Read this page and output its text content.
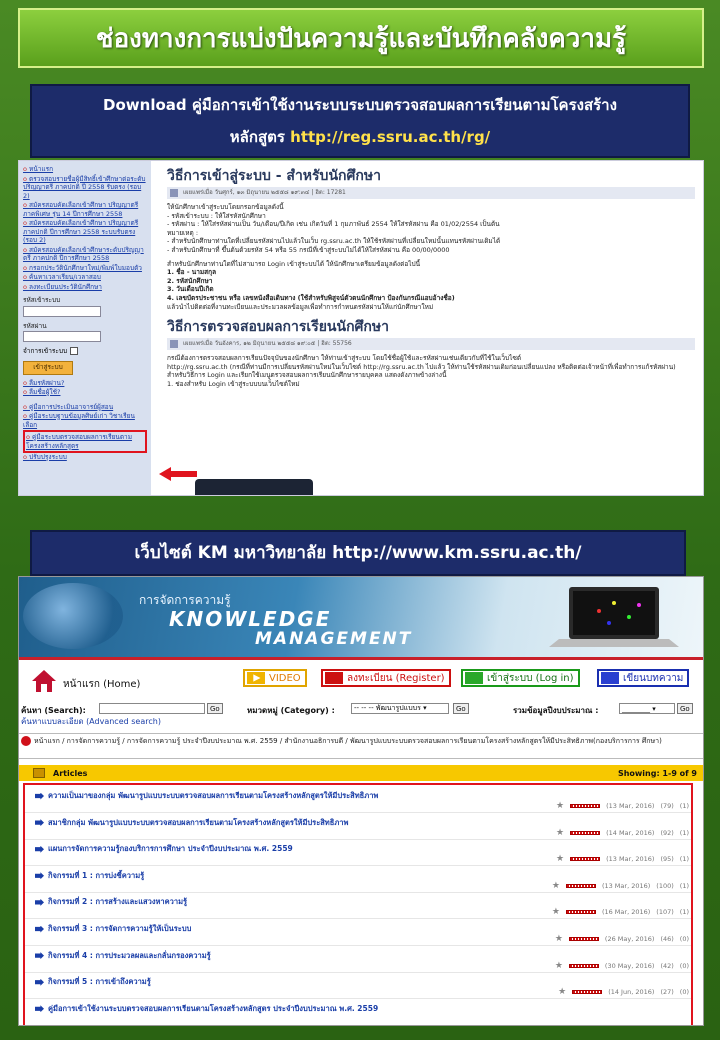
ช่องทางการแบ่งปันความรู้และบันทึกคลังความรู้
Download คู่มือการเข้าใช้งานระบบระบบตรวจสอบผลการเรียนตามโครงสร้าง
หลักสูตร http://reg.ssru.ac.th/rg/
o หน้าแรก
o ตรวจสอบรายชื่อผู้มีสิทธิ์เข้าศึกษาต่อระดับปริญญาตรี ภาคปกติ ปี 2558 รับตรง (รอบ 2)
o สมัครสอบคัดเลือกเข้าศึกษา ปริญญาตรี ภาคพิเศษ รุ่น 14 ปีการศึกษา 2558
o สมัครสอบคัดเลือกเข้าศึกษา ปริญญาตรี ภาคปกติ ปีการศึกษา 2558 ระบบรับตรง (รอบ 2)
o สมัครสอบคัดเลือกเข้าศึกษาระดับปริญญาตรี ภาคปกติ ปีการศึกษา 2558
o กรอกประวัตินักศึกษาใหม่/พิมพ์ใบมอบตัว
o ค้นหาเวลาเรียน/เวลาสอบ
o ลงทะเบียนประวัตินักศึกษา
รหัสเข้าระบบ
รหัสผ่าน
จำการเข้าระบบ
เข้าสู่ระบบ
o ลืมรหัสผ่าน?
o ลืมชื่อผู้ใช้?
o คู่มือการประเมินอาจารย์ผู้สอน
o คู่มือระบบฐานข้อมูลศิษย์เก่า วิชาเรียนเลือก
o คู่มือระบบตรวจสอบผลการเรียนตามโครงสร้างหลักสูตร
o ปรับปรุงระบบ
วิธีการเข้าสู่ระบบ - สำหรับนักศึกษา
เผยแพร่เมื่อ วันศุกร์, ๑๓ มิถุนายน ๒๕๕๘ ๑๙:๓๔ | ฮิต: 17281

ให้นักศึกษาเข้าสู่ระบบโดยกรอกข้อมูลดังนี้

- รหัสเข้าระบบ : ให้ใส่รหัสนักศึกษา

- รหัสผ่าน : ให้ใส่รหัสผ่านเป็น วัน/เดือน/ปีเกิด เช่น เกิดวันที่ 1 กุมภาพันธ์ 2554 ให้ใส่รหัสผ่าน คือ 01/02/2554 เป็นต้น

หมายเหตุ :

- สำหรับนักศึกษาท่านใดที่เปลี่ยนรหัสผ่านไปแล้วในเว็บ rg.ssru.ac.th ให้ใช้รหัสผ่านที่เปลี่ยนใหม่นั้นแทนรหัสผ่านเดิมได้

- สำหรับนักศึกษาที่ ขึ้นต้นด้วยรหัส 54 หรือ 55 กรณีที่เข้าสู่ระบบไม่ได้ให้ใส่รหัสผ่าน คือ 00/00/0000

สำหรับนักศึกษาท่านใดที่ไม่สามารถ Login เข้าสู่ระบบได้ ให้นักศึกษาเตรียมข้อมูลดังต่อไปนี้

1. ชื่อ - นามสกุล

2. รหัสนักศึกษา

3. วันเดือนปีเกิด

4. เลขบัตรประชาชน หรือ เลขหนังสือเดินทาง (ใช้สำหรับพิสูจน์ตัวตนนักศึกษา ป้องกันกรณีแอบอ้างชื่อ)

แล้วนำไปติดต่อที่งานทะเบียนและประมวลผลข้อมูลเพื่อทำการกำหนดรหัสผ่านให้แก่นักศึกษาใหม่

วิธีการตรวจสอบผลการเรียนนักศึกษา
เผยแพร่เมื่อ วันอังคาร, ๑๒ มิถุนายน ๒๕๕๘ ๑๙:๐๕ | ฮิต: 55756

กรณีต้องการตรวจสอบผลการเรียนปัจจุบันของนักศึกษา ให้ท่านเข้าสู่ระบบ โดยใช้ชื่อผู้ใช้และรหัสผ่านเช่นเดียวกับที่ใช้ในเว็บไซต์

http://rg.ssru.ac.th (กรณีที่ท่านมีการเปลี่ยนรหัสผ่านใหม่ในเว็บไซต์ http://rg.ssru.ac.th ไปแล้ว ให้ท่านใช้รหัสผ่านเดิมก่อนเปลี่ยนแปลง หรือติดต่อเจ้าหน้าที่เพื่อทำการแก้รหัสผ่าน)

สำหรับวิธีการ Login และเรียกใช้เมนูตรวจสอบผลการเรียนนักศึกษารายบุคคล แสดงดังภาพข้างล่างนี้

1. ช่องสำหรับ Login เข้าสู่ระบบบนเว็บไซต์ใหม่

เว็บไซต์ KM มหาวิทยาลัย http://www.km.ssru.ac.th/
การจัดการความรู้
KNOWLEDGE
MANAGEMENT
หน้าแรก (Home)
VIDEO	ลงทะเบียน (Register)	เข้าสู่ระบบ (Log in)	เขียนบทความ
ค้นหา (Search):	Go	หมวดหมู่ (Category) :	-- -- -- พัฒนารูปแบบร ▾	Go	รวมข้อมูลปีงบประมาณ :	________ ▾	Go
ค้นหาแบบละเอียด (Advanced search)
หน้าแรก / การจัดการความรู้ / การจัดการความรู้ ประจำปีงบประมาณ พ.ศ. 2559 / สำนักงานอธิการบดี / พัฒนารูปแบบระบบตรวจสอบผลการเรียนตามโครงสร้างหลักสูตรให้มีประสิทธิภาพ(กองบริการการ ศึกษา)
Articles	Showing: 1-9 of 9
ความเป็นมาของกลุ่ม พัฒนารูปแบบระบบตรวจสอบผลการเรียนตามโครงสร้างหลักสูตรให้มีประสิทธิภาพ
★	(13 Mar, 2016) (79) (1)
สมาชิกกลุ่ม พัฒนารูปแบบระบบตรวจสอบผลการเรียนตามโครงสร้างหลักสูตรให้มีประสิทธิภาพ
★	(14 Mar, 2016) (92) (1)
แผนการจัดการความรู้กองบริการการศึกษา ประจำปีงบประมาณ พ.ศ. 2559
★	(13 Mar, 2016) (95) (1)
กิจกรรมที่ 1 : การบ่งชี้ความรู้
★	(13 Mar, 2016) (100) (1)
กิจกรรมที่ 2 : การสร้างและแสวงหาความรู้
★	(16 Mar, 2016) (107) (1)
กิจกรรมที่ 3 : การจัดการความรู้ให้เป็นระบบ
★	(26 May, 2016) (46) (0)
กิจกรรมที่ 4 : การประมวลผลและกลั่นกรองความรู้
★	(30 May, 2016) (42) (0)
กิจกรรมที่ 5 : การเข้าถึงความรู้
★	(14 Jun, 2016) (27) (0)
คู่มือการเข้าใช้งานระบบตรวจสอบผลการเรียนตามโครงสร้างหลักสูตร ประจำปีงบประมาณ พ.ศ. 2559
